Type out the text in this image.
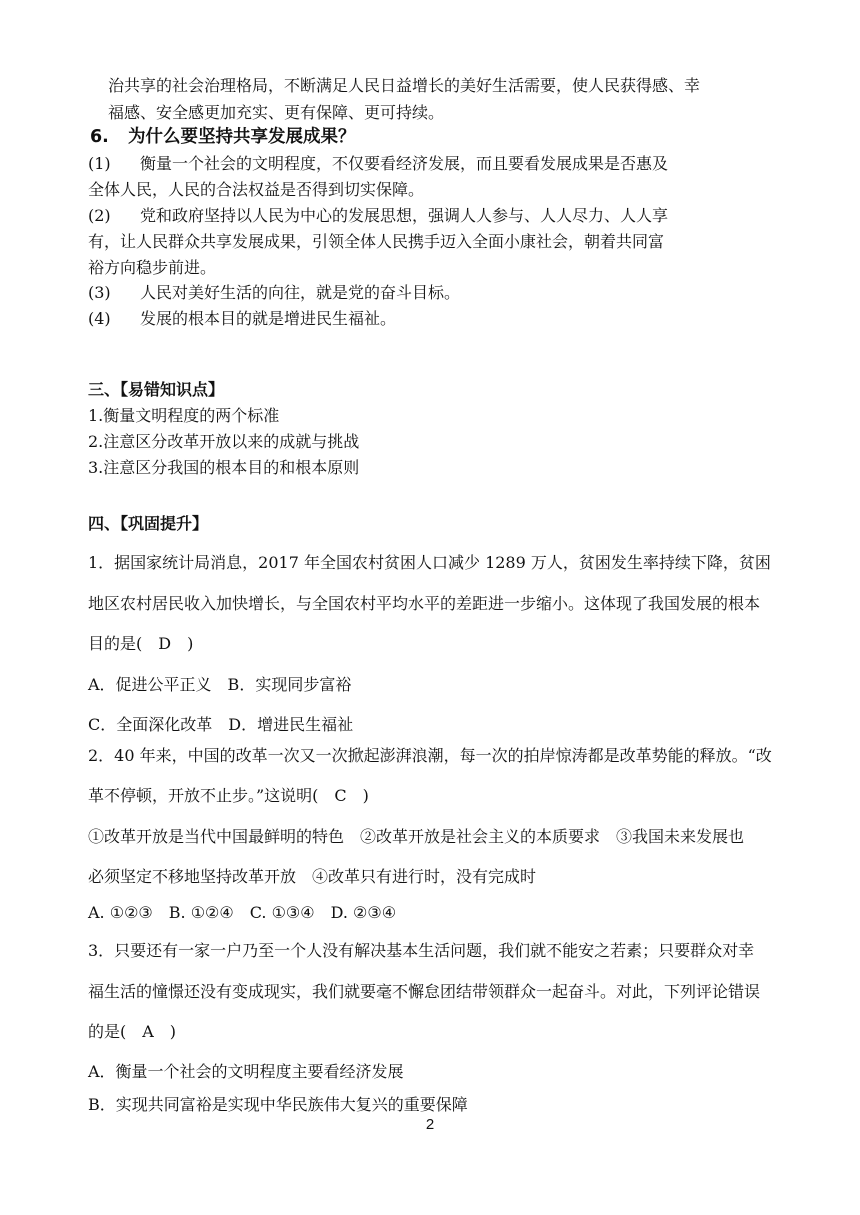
治共享的社会治理格局，不断满足人民日益增长的美好生活需要，使人民获得感、幸
福感、安全感更加充实、更有保障、更可持续。
6. 为什么要坚持共享发展成果？
(1) 衡量一个社会的文明程度，不仅要看经济发展，而且要看发展成果是否惠及
全体人民，人民的合法权益是否得到切实保障。
(2) 党和政府坚持以人民为中心的发展思想，强调人人参与、人人尽力、人人享
有，让人民群众共享发展成果，引领全体人民携手迈入全面小康社会，朝着共同富
裕方向稳步前进。
(3) 人民对美好生活的向往，就是党的奋斗目标。
(4) 发展的根本目的就是增进民生福祉。
三、【易错知识点】
1.衡量文明程度的两个标准
2.注意区分改革开放以来的成就与挑战
3.注意区分我国的根本目的和根本原则
四、【巩固提升】
1．据国家统计局消息，2017 年全国农村贫困人口减少 1289 万人，贫困发生率持续下降，贫困
地区农村居民收入加快增长，与全国农村平均水平的差距进一步缩小。这体现了我国发展的根本
目的是(　D　)
A．促进公平正义　B．实现同步富裕
C．全面深化改革　D．增进民生福祉
2．40 年来，中国的改革一次又一次掀起澎湃浪潮，每一次的拍岸惊涛都是改革势能的释放。“改
革不停顿，开放不止步。”这说明(　C　)
①改革开放是当代中国最鲜明的特色　②改革开放是社会主义的本质要求　③我国未来发展也
必须坚定不移地坚持改革开放　④改革只有进行时，没有完成时
A. ①②③　B. ①②④　C. ①③④　D. ②③④
3．只要还有一家一户乃至一个人没有解决基本生活问题，我们就不能安之若素；只要群众对幸
福生活的憧憬还没有变成现实，我们就要毫不懈怠团结带领群众一起奋斗。对此，下列评论错误
的是(　A　)
A．衡量一个社会的文明程度主要看经济发展
B．实现共同富裕是实现中华民族伟大复兴的重要保障
2
